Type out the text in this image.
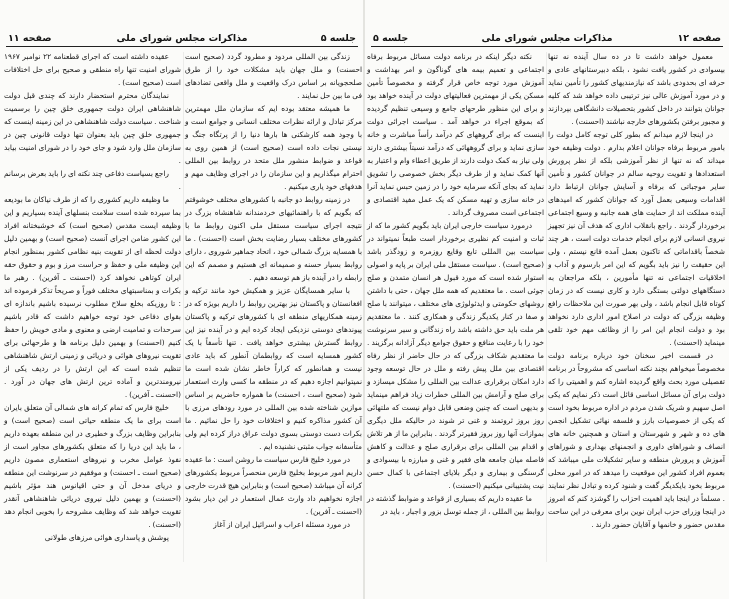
جلسه ۵
مذاکرات مجلس شورای ملی
صفحه ۱۱

زندگی بین المللی مردود و مطرود گردد (صحیح است احسنت) و ملل جهان باید مشکلات خود را از طرق صلحجویانه بر اساس درک واقعیت و ملل واقعی تضادهای فی ما بین حل نمایند .

ما همیشه معتقد بوده ایم که سازمان ملل مهمترین مرکز تبادل و ارائه نظرات مختلف انسانی و جوامع است و با وجود همه کارشکنی ها بارها دنیا را از پرتگاه جنگ و نیستی نجات داده است (صحیح است) از همین روی به قواعد و ضوابط منشور ملل متحد در روابط بین المللی احترام میگذاریم و این سازمان را در اجرای وظایف مهم و هدفهای خود یاری میکنیم .

در زمینه روابط دو جانبه با کشورهای مختلف خوشوقتم که بگویم که با راهنمائیهای خردمندانه شاهنشاه بزرگ در نتیجه اجرای سیاست مستقل ملی اکنون روابط ما با کشورهای مختلف بسیار رضایت بخش است (احسنت) . ما با همسایه بزرگ شمالی خود ، اتحاد جماهیر شوروی ، دارای روابط بسیار حسنه و صمیمانه ای هستیم و مصمم که این رابطه را در آینده باز هم توسعه دهیم .

با سایر همسایگان عزیز و همکیش خود مانند ترکیه و افغانستان و پاکستان نیز بهترین روابط را داریم بویژه که در زمینه همکاریهای منطقه ای با کشورهای ترکیه و پاکستان پیوندهای دوستی نزدیکی ایجاد کرده ایم و در آینده نیز این روابط گسترش بیشتری خواهد یافت . تنها تأسفاً با یک کشور همسایه است که روابطمان آنطور که باید عادی نیست و همانطور که کراراً خاطر نشان شده است ما نمیتوانیم اجازه دهیم که در منطقه ما کسی وارث استعمار شود (صحیح است ، احسنت) ما همواره حاضریم بر اساس موازین شناخته شده بین المللی در مورد رودهای مرزی با آن کشور مذاکره کنیم و اختلافات خود را حل نمائیم . ما بکرات دست دوستی بسوی دولت عراق دراز کرده ایم ولی متأسفانه جواب مثبتی نشنیده ایم .

در مورد خلیج فارس سیاست ما روشن است : ما عقیده داریم امور مربوط بخلیج فارس منحصراً مربوط بکشورهای کرانه آن میباشد (صحیح است) و بنابراین هیچ قدرت خارجی اجازه نخواهیم داد وارث عمال استعمار در این دیار بشود (احسنت ـ آفرین) .

در مورد مسئله اعراب و اسرائیل ایران از آغاز

عقیده داشته است که اجرای قطعنامه ۲۲ نوامبر ۱۹۶۷ شورای امنیت تنها راه منطقی و صحیح برای حل اختلافات است (صحیح است) .

نمایندگان محترم استحضار دارند که چندی قبل دولت شاهنشاهی ایران دولت جمهوری خلق چین را برسمیت شناخت . سیاست دولت شاهنشاهی در این زمینه اینست که جمهوری خلق چین باید بعنوان تنها دولت قانونی چین در سازمان ملل وارد شود و جای خود را در شورای امنیت بیابد .

راجع بسیاست دفاعی چند نکته ای را باید بعرض برسانم .

ما وظیفه داریم کشوری را که از طرف نیاکان ما بودیعه بما سپرده شده است سلامت بنسلهای آینده بسپاریم و این وظیفه ایست مقدس (صحیح است) که خوشبختانه افراد این کشور ضامن اجرای آنست (صحیح است) و بهمین دلیل دولت لحظه ای از تقویت بنیه نظامی کشور بمنظور انجام این وظیفه ملی و حفظ و حراست مرز و بوم و حقوق حقه ایران کوتاهی نخواهد کرد (احسنت ـ آفرین) . رهبر ما بکرات و بمناسبتهای مختلف فوراً و صریحاً تذکر فرموده اند : تا روزیکه بخلع سلاح مطلوب نرسیده باشیم باندازه ای بقوای دفاعی خود توجه خواهیم داشت که قادر باشیم سرحدات و تمامیت ارضی و معنوی و مادی خویش را حفظ کنیم (احسنت) و بهمین دلیل برنامه ها و طرحهائی برای تقویت نیروهای هوائی و دریائی و زمینی ارتش شاهنشاهی تنظیم شده است که این ارتش را در ردیف یکی از نیرومندترین و آماده ترین ارتش های جهان در آورد . (احسنت ـ آفرین) .

خلیج فارس که تمام کرانه های شمالی آن متعلق بایران است برای ما یک منطقه حیاتی است (صحیح است) و بنابراین وظایف بزرگ و خطیری در این منطقه بعهده داریم ، ما باید این دریا را که متعلق بکشورهای مجاور است از نفوذ عوامل مخرب و نیروهای استعماری مصون داریم (صحیح است ـ احسنت) و موفقیم در سرنوشت این منطقه و دریای مدخل آن و حتی اقیانوس هند مؤثر باشیم (احسنت) و بهمین دلیل نیروی دریائی شاهنشاهی آنقدر تقویت خواهد شد که وظایف مشروحه را بخوبی انجام دهد (احسنت) .

پوشش و پاسداری هوائی مرزهای طولانی

صفحه ۱۲
مذاکرات مجلس شورای ملی
جلسه ۵

معمول خواهد داشت تا در ده سال آینده نه تنها بیسوادی در کشور یافت نشود ، بلکه دبیرستانهای عادی و حرفه ای بحدودی باشد که نیازمندیهای کشور را تأمین نماید و در مورد آموزش عالی نیز ترتیبی داده خواهد شد که کلیه جوانان بتوانند در داخل کشور بتحصیلات دانشگاهی بپردازند و مجبور برفتن بکشورهای خارجه نباشند (احسنت) .

در اینجا لازم میدانم که بطور کلی توجه کامل دولت را بامور مربوط برفاه جوانان اعلام بدارم . دولت وظیفه خود میداند که نه تنها از نظر آموزشی بلکه از نظر پرورش استعدادها و تقویت روحیه سالم در جوانان کشور و تأمین سایر موجباتی که برفاه و آسایش جوانان ارتباط دارد اقدامات وسیعی بعمل آورد که جوانان کشور که امیدهای آینده مملکت اند از حمایت های همه جانبه و وسیع اجتماعی برخوردار گردند . راجع بانقلاب اداری که هدف آن نیز تجهیز نیروی انسانی لازم برای انجام خدمات دولت است ، هر چند شخصاً باقداماتی که تاکنون بعمل آمده قانع نیستم ، ولی این حقیقت را نیز باید بگویم که این امر بارسوم و آداب و اخلاقیات اجتماعی نه تنها مأمورین ، بلکه مراجعان به دستگاههای دولتی بستگی دارد و کاری نیست که در زمان کوتاه قابل انجام باشد ، ولی بهر صورت این ملاحظات رافع وظیفه بزرگی که دولت در اصلاح امور اداری دارد نخواهد بود و دولت انجام این امر را از وظائف مهم خود تلقی مینماید (احسنت) .

در قسمت اخیر سخنان خود درباره برنامه دولت مخصوصاً میخواهم بچند نکته اساسی که مشروحاً در برنامه تفصیلی مورد بحث واقع گردیده اشاره کنم و اهمیتی را که دولت برای آن مسائل اساسی قائل است ذکر نمایم که یکی اصل سهیم و شریک شدن مردم در اداره مربوط بخود است که یکی از خصوصیات بارز و فلسفه نهائی تشکیل انجمن های ده و شهر و شهرستان و استان و همچنین خانه های انصاف و شوراهای داوری و انجمنهای بهداری و شوراهای آموزش و پرورش منطقه و سایر تشکیلات ملی میباشد که بعموم افراد کشور این موقعیت را میدهد که در امور محلی مربوط بخود بایکدیگر گفت و شنود کرده و تبادل نظر نمایند . مسلماً در اینجا باید اهمیت احزاب را گوشزد کنم که امروز در اینجا وزرای حزب ایران نوین برای معرفی در این ساحت مقدس حضور و خانمها و آقایان حضور دارند .

نکته دیگر اینکه در برنامه دولت مسائل مربوط برفاه اجتماعی و تعمیم بیمه های گوناگون و امر بهداشت و آموزش مورد توجه خاص قرار گرفته و مخصوصاً تأمین مسکن یکی از مهمترین فعالیتهای دولت در آینده خواهد بود و برای این منظور طرحهای جامع و وسیعی تنظیم گردیده که بموقع اجراء در خواهد آمد . سیاست اجرائی دولت اینست که برای گروههای کم درآمد رأساً مباشرت و خانه سازی نماید و برای گروههائی که درآمد نسبتاً بیشتری دارند ولی نیاز به کمک دولت دارند از طریق اعطاء وام و اعتبار به آنها کمک نماید و از طرف دیگر بخش خصوصی را تشویق نماید که بجای آنکه سرمایه خود را در زمین حبس نماید آنرا در خانه سازی و تهیه مسکن که یک عمل مفید اقتصادی و اجتماعی است مصروف گرداند .

درمورد سیاست خارجی ایران باید بگویم کشور ما که از ثبات و امنیت کم نظیری برخوردار است طبعاً نمیتواند در سیاست بین المللی تابع وقایع روزمره و زودگذر باشد (صحیح است) . سیاست مستقل ملی ایران بر پایه و اصولی استوار شده است که مورد قبول هر انسان متمدن و صلح جوئی است . ما معتقدیم که همه ملل جهان ، حتی با داشتن روشهای حکومتی و ایدئولوژی های مختلف ، میتوانند با صلح و صفا در کنار یکدیگر زندگی و همکاری کنند . ما معتقدیم هر ملت باید حق داشته باشد راه زندگانی و سیر سرنوشت خود را با رعایت منافع و حقوق جوامع دیگر آزادانه برگزیند . ما معتقدیم شکاف بزرگی که در حال حاضر از نظر رفاه اقتصادی بین ملل پیش رفته و ملل در حال توسعه وجود دارد امکان برقراری عدالت بین المللی را مشکل میسازد و برای صلح و آرامش بین المللی خطرات زیاد فراهم مینماید و بدیهی است که چنین وضعی قابل دوام نیست که ملتهائی روز بروز ثروتمند و غنی تر شوند در حالیکه ملل دیگری بموازات آنها روز بروز فقیرتر گردند . بنابراین ما از هر تلاش و اقدام بین المللی برای برقراری صلح و عدالت و کاهش فاصله میان جامعه های فقیر و غنی و مبارزه با بیسوادی و گرسنگی و بیماری و دیگر بلایای اجتماعی با کمال حسن نیت پشتیبانی میکنیم (احسنت) .

ما عقیده داریم که بسیاری از قواعد و ضوابط گذشته در روابط بین المللی ، از جمله توسل بزور و اجبار ، باید در
